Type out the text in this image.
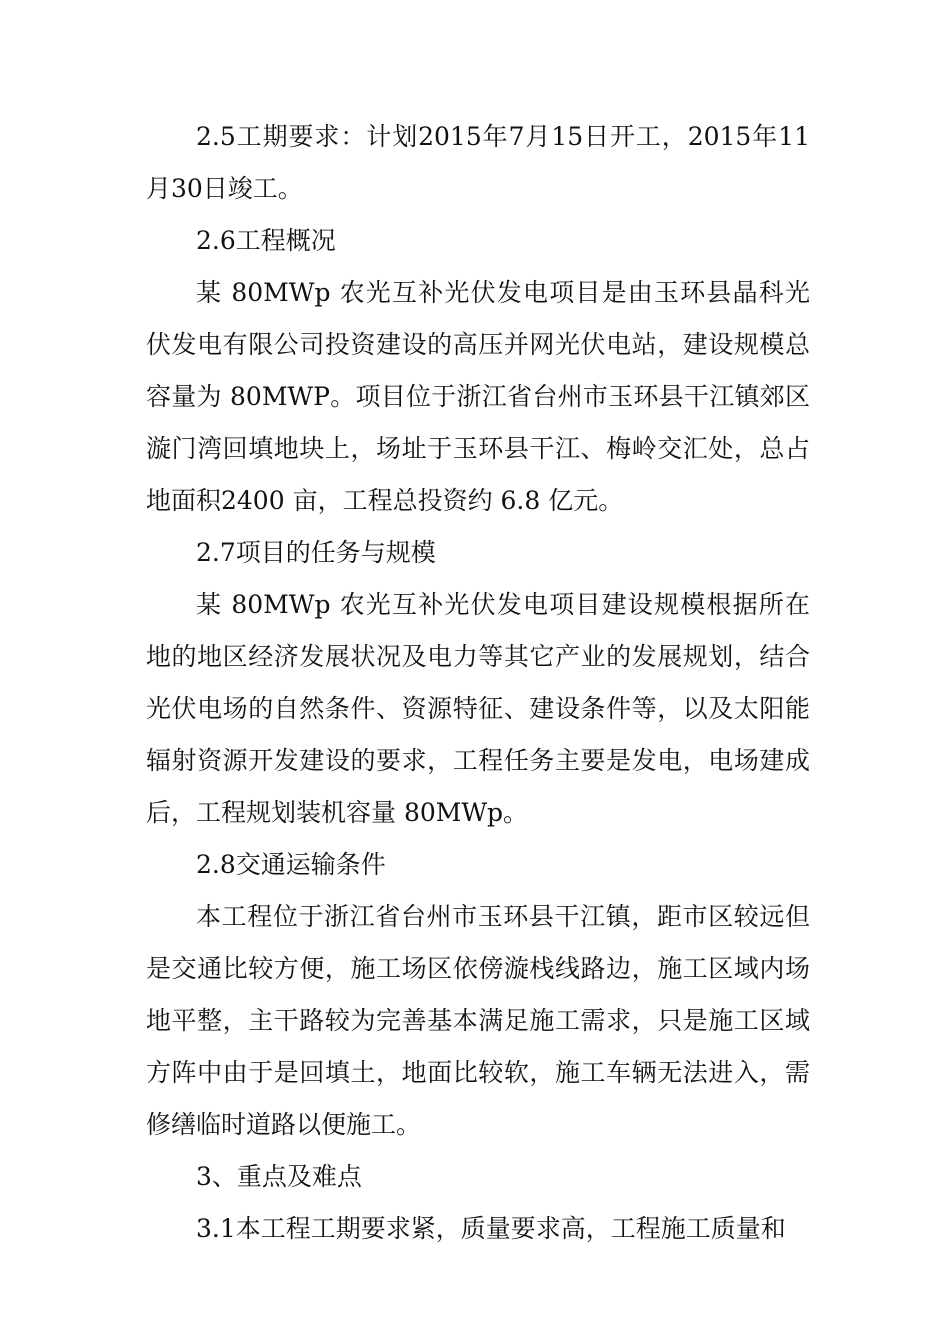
2.5工期要求：计划2015年7月15日开工，2015年11月30日竣工。

2.6工程概况

某 80MWp 农光互补光伏发电项目是由玉环县晶科光伏发电有限公司投资建设的高压并网光伏电站，建设规模总容量为 80MWP。项目位于浙江省台州市玉环县干江镇郊区漩门湾回填地块上，场址于玉环县干江、梅岭交汇处，总占地面积2400 亩，工程总投资约 6.8 亿元。

2.7项目的任务与规模

某 80MWp 农光互补光伏发电项目建设规模根据所在地的地区经济发展状况及电力等其它产业的发展规划，结合光伏电场的自然条件、资源特征、建设条件等，以及太阳能辐射资源开发建设的要求，工程任务主要是发电，电场建成后，工程规划装机容量 80MWp。

2.8交通运输条件

本工程位于浙江省台州市玉环县干江镇，距市区较远但是交通比较方便，施工场区依傍漩栈线路边，施工区域内场地平整，主干路较为完善基本满足施工需求，只是施工区域方阵中由于是回填土，地面比较软，施工车辆无法进入，需修缮临时道路以便施工。

3、重点及难点

3.1本工程工期要求紧，质量要求高，工程施工质量和
